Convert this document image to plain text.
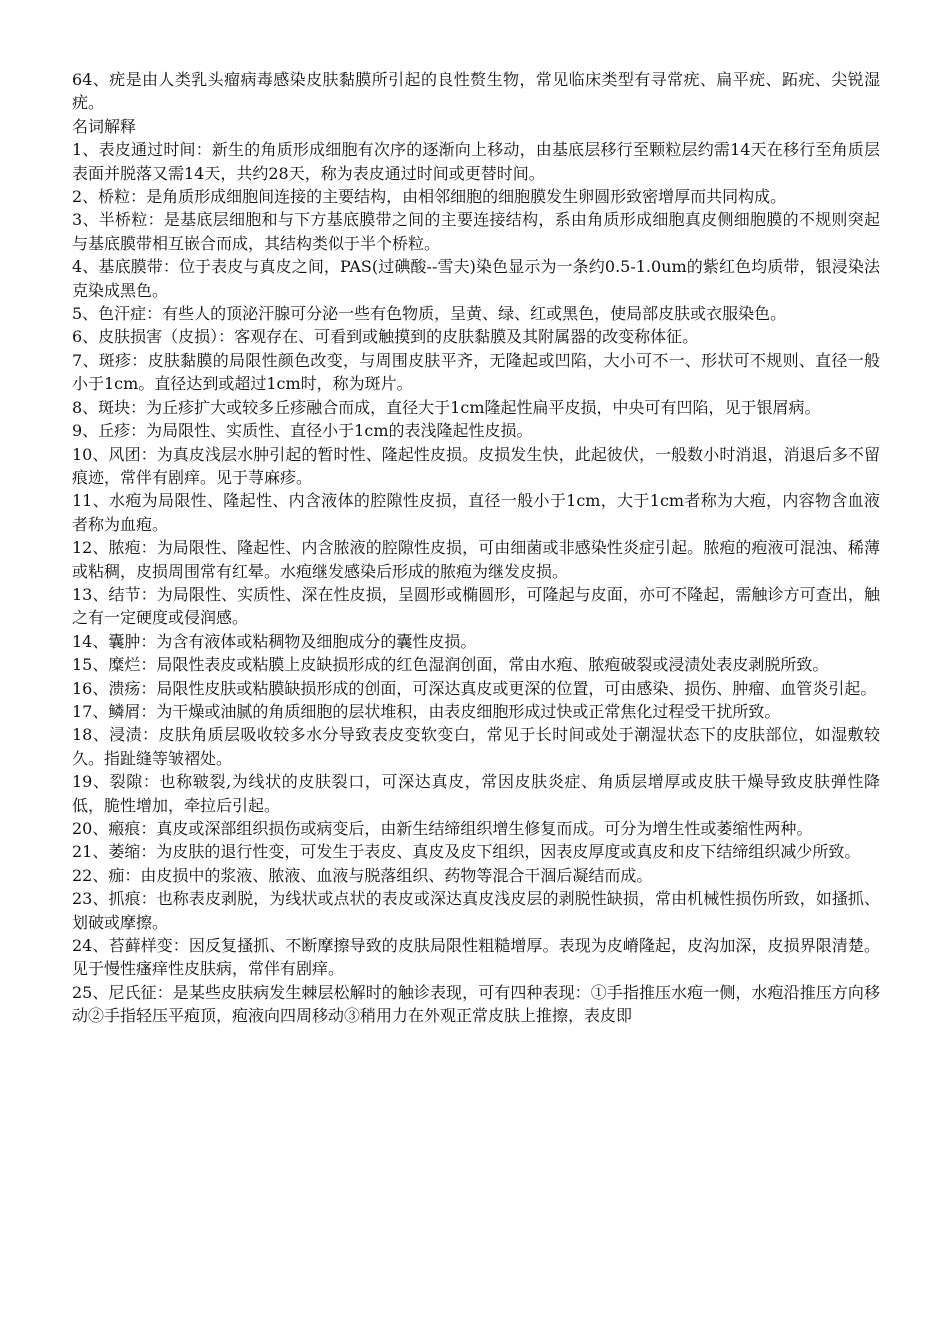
64、疣是由人类乳头瘤病毒感染皮肤黏膜所引起的良性赘生物，常见临床类型有寻常疣、扁平疣、跖疣、尖锐湿疣。

名词解释

1、表皮通过时间：新生的角质形成细胞有次序的逐渐向上移动，由基底层移行至颗粒层约需14天在移行至角质层表面并脱落又需14天，共约28天，称为表皮通过时间或更替时间。

2、桥粒：是角质形成细胞间连接的主要结构，由相邻细胞的细胞膜发生卵圆形致密增厚而共同构成。

3、半桥粒：是基底层细胞和与下方基底膜带之间的主要连接结构，系由角质形成细胞真皮侧细胞膜的不规则突起与基底膜带相互嵌合而成，其结构类似于半个桥粒。

4、基底膜带：位于表皮与真皮之间，PAS(过碘酸--雪夫)染色显示为一条约0.5-1.0um的紫红色均质带，银浸染法克染成黑色。

5、色汗症：有些人的顶泌汗腺可分泌一些有色物质，呈黄、绿、红或黑色，使局部皮肤或衣服染色。

6、皮肤损害（皮损）：客观存在、可看到或触摸到的皮肤黏膜及其附属器的改变称体征。

7、斑疹：皮肤黏膜的局限性颜色改变，与周围皮肤平齐，无隆起或凹陷，大小可不一、形状可不规则、直径一般小于1cm。直径达到或超过1cm时，称为斑片。

8、斑块：为丘疹扩大或较多丘疹融合而成，直径大于1cm隆起性扁平皮损，中央可有凹陷，见于银屑病。

9、丘疹：为局限性、实质性、直径小于1cm的表浅隆起性皮损。

10、风团：为真皮浅层水肿引起的暂时性、隆起性皮损。皮损发生快，此起彼伏，一般数小时消退，消退后多不留痕迹，常伴有剧痒。见于荨麻疹。

11、水疱为局限性、隆起性、内含液体的腔隙性皮损，直径一般小于1cm，大于1cm者称为大疱，内容物含血液者称为血疱。

12、脓疱：为局限性、隆起性、内含脓液的腔隙性皮损，可由细菌或非感染性炎症引起。脓疱的疱液可混浊、稀薄或粘稠，皮损周围常有红晕。水疱继发感染后形成的脓疱为继发皮损。

13、结节：为局限性、实质性、深在性皮损，呈圆形或椭圆形，可隆起与皮面，亦可不隆起，需触诊方可查出，触之有一定硬度或侵润感。

14、囊肿：为含有液体或粘稠物及细胞成分的囊性皮损。

15、糜烂：局限性表皮或粘膜上皮缺损形成的红色湿润创面，常由水疱、脓疱破裂或浸渍处表皮剥脱所致。

16、溃疡：局限性皮肤或粘膜缺损形成的创面，可深达真皮或更深的位置，可由感染、损伤、肿瘤、血管炎引起。

17、鳞屑：为干燥或油腻的角质细胞的层状堆积，由表皮细胞形成过快或正常焦化过程受干扰所致。

18、浸渍：皮肤角质层吸收较多水分导致表皮变软变白，常见于长时间或处于潮湿状态下的皮肤部位，如湿敷较久。指趾缝等皱褶处。

19、裂隙：也称皲裂,为线状的皮肤裂口，可深达真皮，常因皮肤炎症、角质层增厚或皮肤干燥导致皮肤弹性降低，脆性增加，牵拉后引起。

20、瘢痕：真皮或深部组织损伤或病变后，由新生结缔组织增生修复而成。可分为增生性或萎缩性两种。

21、萎缩：为皮肤的退行性变，可发生于表皮、真皮及皮下组织，因表皮厚度或真皮和皮下结缔组织减少所致。

22、痂：由皮损中的浆液、脓液、血液与脱落组织、药物等混合干涸后凝结而成。

23、抓痕：也称表皮剥脱，为线状或点状的表皮或深达真皮浅皮层的剥脱性缺损，常由机械性损伤所致，如搔抓、划破或摩擦。

24、苔藓样变：因反复搔抓、不断摩擦导致的皮肤局限性粗糙增厚。表现为皮嵴隆起，皮沟加深，皮损界限清楚。见于慢性瘙痒性皮肤病，常伴有剧痒。

25、尼氏征：是某些皮肤病发生棘层松解时的触诊表现，可有四种表现：①手指推压水疱一侧，水疱沿推压方向移动②手指轻压平疱顶，疱液向四周移动③稍用力在外观正常皮肤上推擦，表皮即
